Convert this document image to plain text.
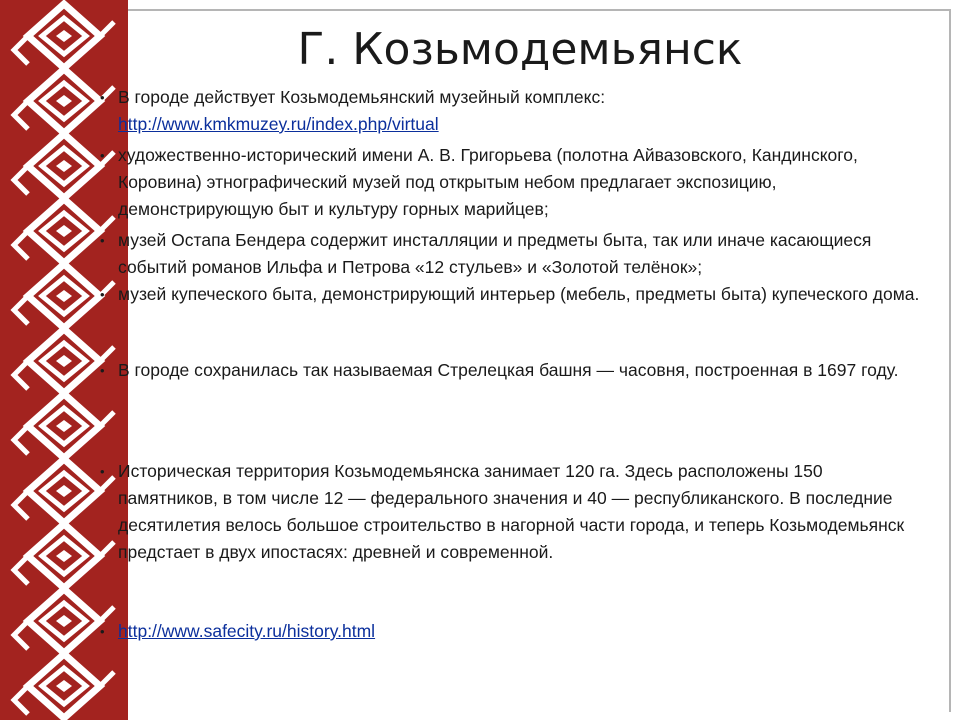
Г. Козьмодемьянск
• В городе действует Козьмодемьянский музейный комплекс: http://www.kmkmuzey.ru/index.php/virtual
• художественно-исторический имени А. В. Григорьева (полотна Айвазовского, Кандинского, Коровина) этнографический музей под открытым небом предлагает экспозицию, демонстрирующую быт и культуру горных марийцев;
• музей Остапа Бендера содержит инсталляции и предметы быта, так или иначе касающиеся событий романов Ильфа и Петрова «12 стульев» и «Золотой телёнок»;
• музей купеческого быта, демонстрирующий интерьер (мебель, предметы быта) купеческого дома.
• В городе сохранилась так называемая Стрелецкая башня — часовня, построенная в 1697 году.
• Историческая территория Козьмодемьянска занимает 120 га. Здесь расположены 150 памятников, в том числе 12 — федерального значения и 40 — республиканского. В последние десятилетия велось большое строительство в нагорной части города, и теперь Козьмодемьянск предстает в двух ипостасях: древней и современной.
• http://www.safecity.ru/history.html
